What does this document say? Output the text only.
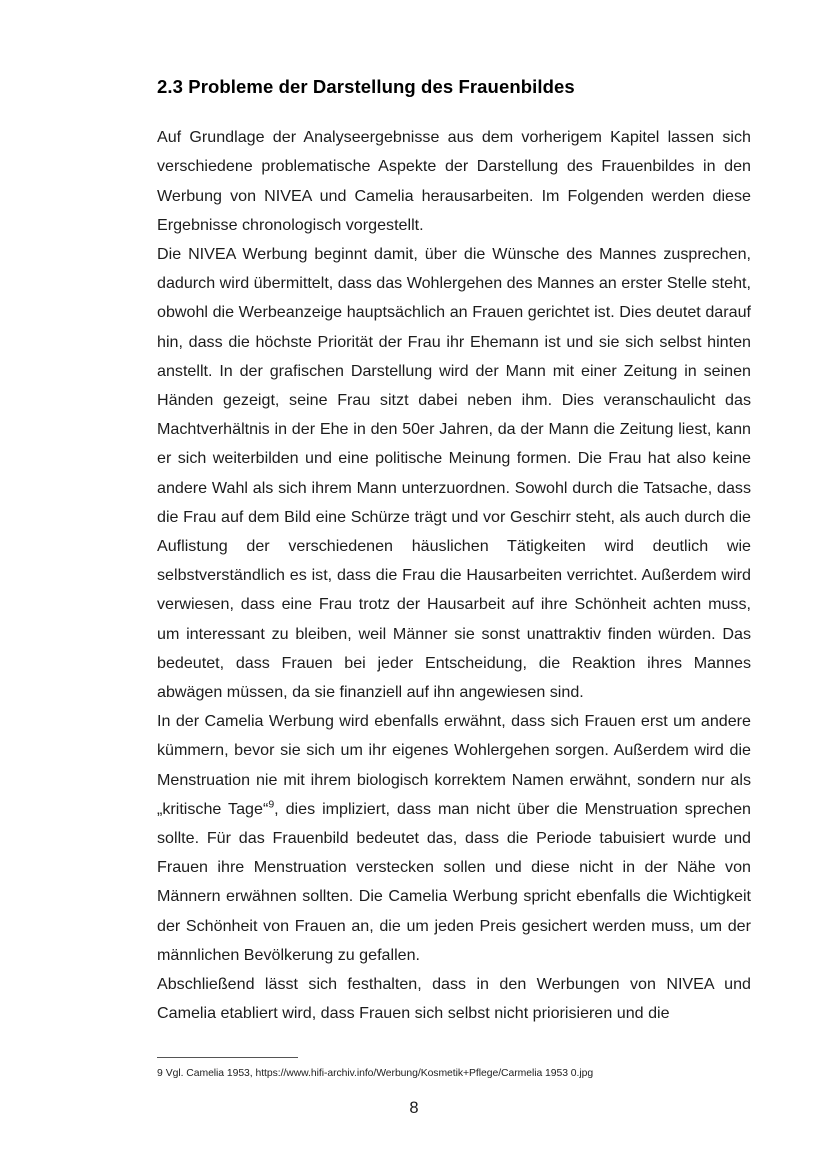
2.3 Probleme der Darstellung des Frauenbildes

Auf Grundlage der Analyseergebnisse aus dem vorherigem Kapitel lassen sich verschiedene problematische Aspekte der Darstellung des Frauenbildes in den Werbung von NIVEA und Camelia herausarbeiten. Im Folgenden werden diese Ergebnisse chronologisch vorgestellt.

Die NIVEA Werbung beginnt damit, über die Wünsche des Mannes zusprechen, dadurch wird übermittelt, dass das Wohlergehen des Mannes an erster Stelle steht, obwohl die Werbeanzeige hauptsächlich an Frauen gerichtet ist. Dies deutet darauf hin, dass die höchste Priorität der Frau ihr Ehemann ist und sie sich selbst hinten anstellt. In der grafischen Darstellung wird der Mann mit einer Zeitung in seinen Händen gezeigt, seine Frau sitzt dabei neben ihm. Dies veranschaulicht das Machtverhältnis in der Ehe in den 50er Jahren, da der Mann die Zeitung liest, kann er sich weiterbilden und eine politische Meinung formen. Die Frau hat also keine andere Wahl als sich ihrem Mann unterzuordnen. Sowohl durch die Tatsache, dass die Frau auf dem Bild eine Schürze trägt und vor Geschirr steht, als auch durch die Auflistung der verschiedenen häuslichen Tätigkeiten wird deutlich wie selbstverständlich es ist, dass die Frau die Hausarbeiten verrichtet. Außerdem wird verwiesen, dass eine Frau trotz der Hausarbeit auf ihre Schönheit achten muss, um interessant zu bleiben, weil Männer sie sonst unattraktiv finden würden. Das bedeutet, dass Frauen bei jeder Entscheidung, die Reaktion ihres Mannes abwägen müssen, da sie finanziell auf ihn angewiesen sind.

In der Camelia Werbung wird ebenfalls erwähnt, dass sich Frauen erst um andere kümmern, bevor sie sich um ihr eigenes Wohlergehen sorgen. Außerdem wird die Menstruation nie mit ihrem biologisch korrektem Namen erwähnt, sondern nur als „kritische Tage“$^9$, dies impliziert, dass man nicht über die Menstruation sprechen sollte. Für das Frauenbild bedeutet das, dass die Periode tabuisiert wurde und Frauen ihre Menstruation verstecken sollen und diese nicht in der Nähe von Männern erwähnen sollten. Die Camelia Werbung spricht ebenfalls die Wichtigkeit der Schönheit von Frauen an, die um jeden Preis gesichert werden muss, um der männlichen Bevölkerung zu gefallen.

Abschließend lässt sich festhalten, dass in den Werbungen von NIVEA und Camelia etabliert wird, dass Frauen sich selbst nicht priorisieren und die

9 Vgl. Camelia 1953, https://www.hifi-archiv.info/Werbung/Kosmetik+Pflege/Carmelia 1953 0.jpg

8
